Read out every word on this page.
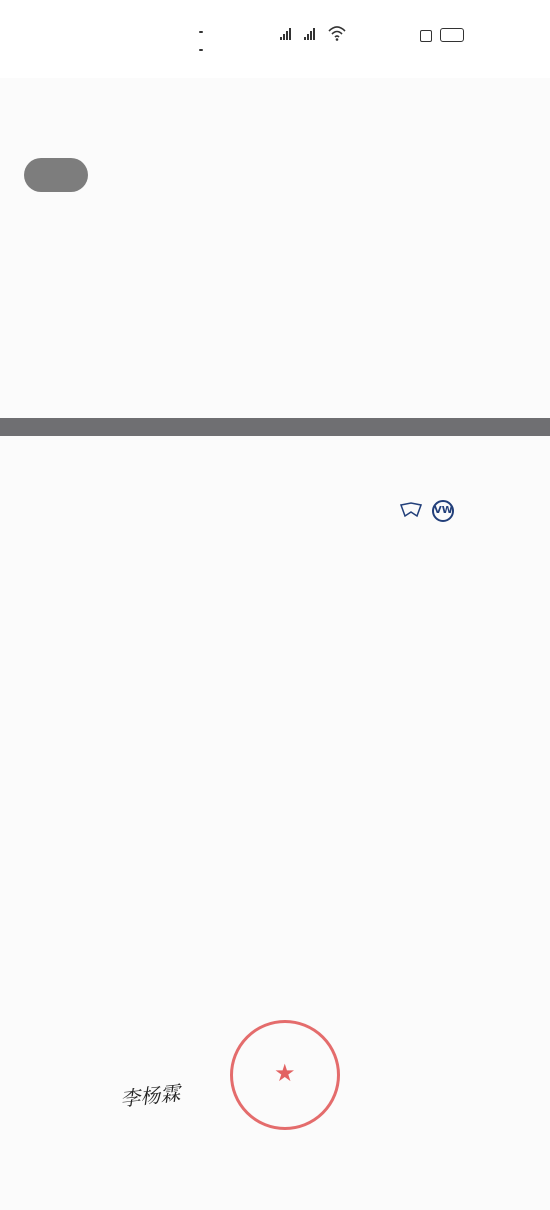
VW
李杨霖
★
